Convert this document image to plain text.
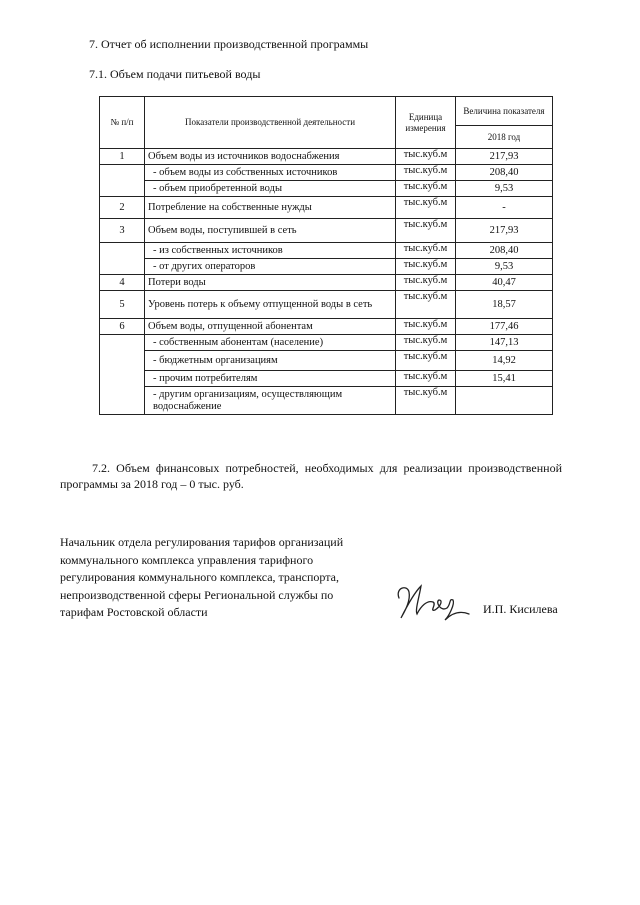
7. Отчет об исполнении производственной программы
7.1. Объем подачи питьевой воды
№ п/п	Показатели производственной деятельности	Единица измерения	Величина показателя
			2018 год
1	Объем воды из источников водоснабжения	тыс.куб.м	217,93
	- объем воды из собственных источников	тыс.куб.м	208,40
	- объем приобретенной воды	тыс.куб.м	9,53
2	Потребление на собственные нужды	тыс.куб.м	-
3	Объем воды, поступившей в сеть	тыс.куб.м	217,93
	- из собственных источников	тыс.куб.м	208,40
	- от других операторов	тыс.куб.м	9,53
4	Потери воды	тыс.куб.м	40,47
5	Уровень потерь к объему отпущенной воды в сеть	тыс.куб.м	18,57
6	Объем воды, отпущенной абонентам	тыс.куб.м	177,46
	- собственным абонентам (население)	тыс.куб.м	147,13
	- бюджетным организациям	тыс.куб.м	14,92
	- прочим потребителям	тыс.куб.м	15,41
	- другим организациям, осуществляющим водоснабжение	тыс.куб.м	
7.2. Объем финансовых потребностей, необходимых для реализации производственной программы за 2018 год – 0 тыс. руб.
Начальник отдела регулирования тарифов организаций коммунального комплекса управления тарифного регулирования коммунального комплекса, транспорта, непроизводственной сферы Региональной службы по тарифам Ростовской области	И.П. Кисилева
